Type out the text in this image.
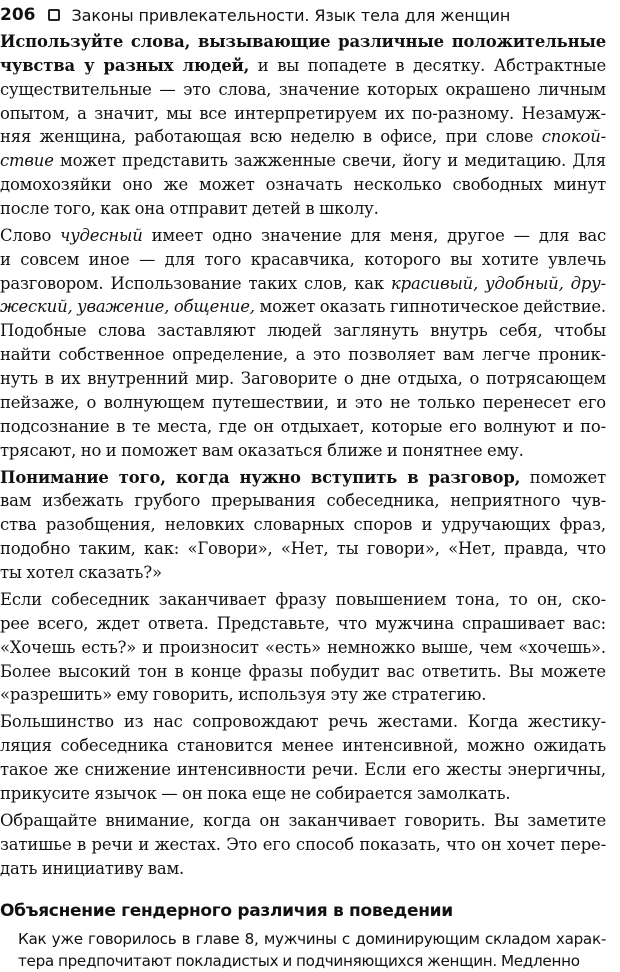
206 Законы привлекательности. Язык тела для женщин

Используйте слова, вызывающие различные положительные
чувства у разных людей, и вы попадете в десятку. Абстрактные
существительные — это слова, значение которых окрашено личным
опытом, а значит, мы все интерпретируем их по-разному. Незамуж-
няя женщина, работающая всю неделю в офисе, при слове спокой-
ствие может представить зажженные свечи, йогу и медитацию. Для
домохозяйки оно же может означать несколько свободных минут
после того, как она отправит детей в школу.

Слово чудесный имеет одно значение для меня, другое — для вас
и совсем иное — для того красавчика, которого вы хотите увлечь
разговором. Использование таких слов, как красивый, удобный, дру-
жеский, уважение, общение, может оказать гипнотическое действие.
Подобные слова заставляют людей заглянуть внутрь себя, чтобы
найти собственное определение, а это позволяет вам легче проник-
нуть в их внутренний мир. Заговорите о дне отдыха, о потрясающем
пейзаже, о волнующем путешествии, и это не только перенесет его
подсознание в те места, где он отдыхает, которые его волнуют и по-
трясают, но и поможет вам оказаться ближе и понятнее ему.

Понимание того, когда нужно вступить в разговор, поможет
вам избежать грубого прерывания собеседника, неприятного чув-
ства разобщения, неловких словарных споров и удручающих фраз,
подобно таким, как: «Говори», «Нет, ты говори», «Нет, правда, что
ты хотел сказать?»

Если собеседник заканчивает фразу повышением тона, то он, ско-
рее всего, ждет ответа. Представьте, что мужчина спрашивает вас:
«Хочешь есть?» и произносит «есть» немножко выше, чем «хочешь».
Более высокий тон в конце фразы побудит вас ответить. Вы можете
«разрешить» ему говорить, используя эту же стратегию.

Большинство из нас сопровождают речь жестами. Когда жестику-
ляция собеседника становится менее интенсивной, можно ожидать
такое же снижение интенсивности речи. Если его жесты энергичны,
прикусите язычок — он пока еще не собирается замолкать.

Обращайте внимание, когда он заканчивает говорить. Вы заметите
затишье в речи и жестах. Это его способ показать, что он хочет пере-
дать инициативу вам.

Объяснение гендерного различия в поведении
Как уже говорилось в главе 8, мужчины с доминирующим складом харак-
тера предпочитают покладистых и подчиняющихся женщин. Медленно
